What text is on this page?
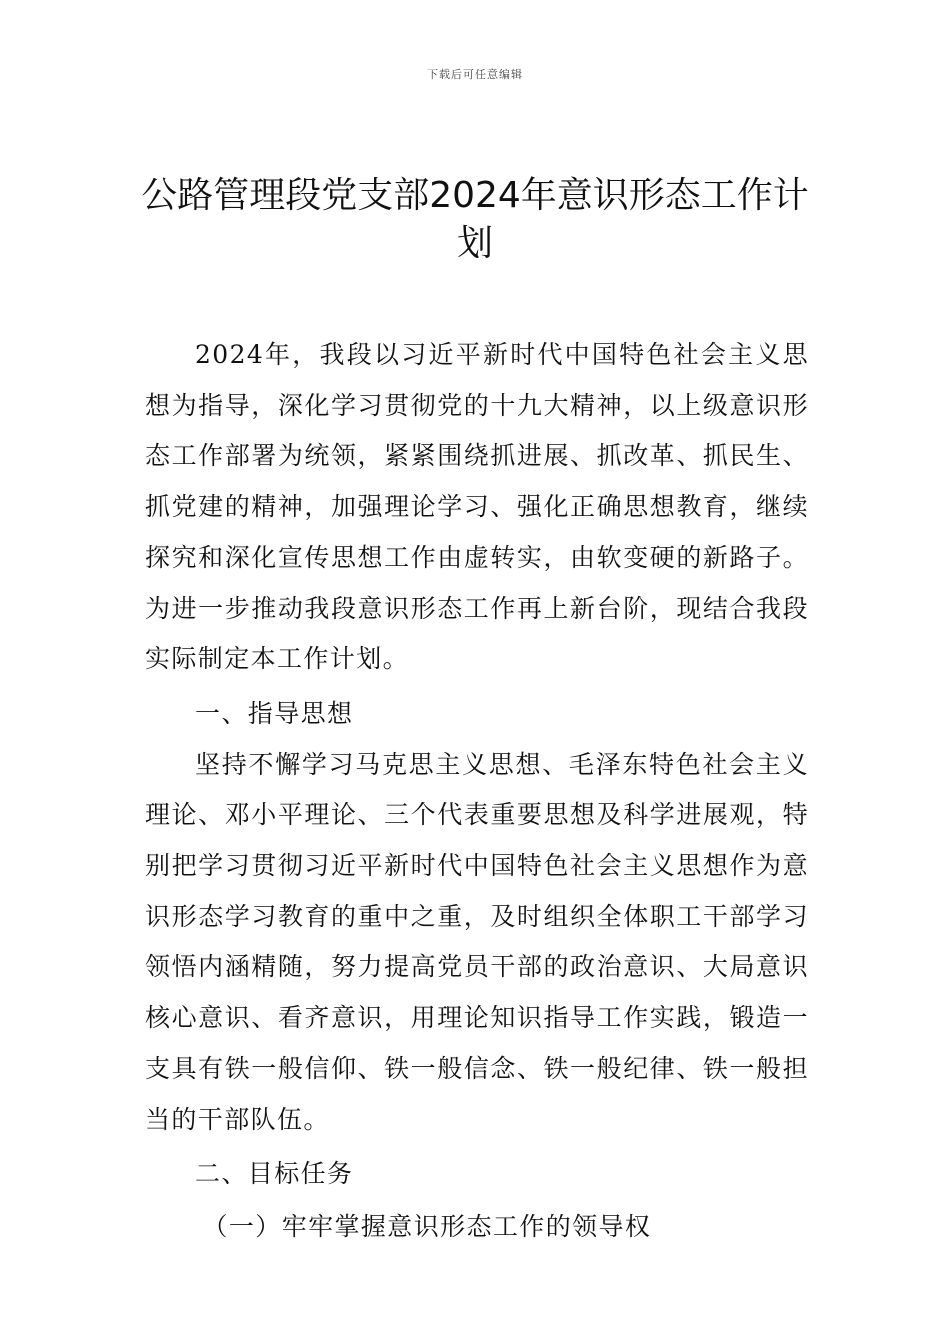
下载后可任意编辑
公路管理段党支部2024年意识形态工作计划

2024年，我段以习近平新时代中国特色社会主义思想为指导，深化学习贯彻党的十九大精神，以上级意识形态工作部署为统领，紧紧围绕抓进展、抓改革、抓民生、抓党建的精神，加强理论学习、强化正确思想教育，继续探究和深化宣传思想工作由虚转实，由软变硬的新路子。为进一步推动我段意识形态工作再上新台阶，现结合我段实际制定本工作计划。

一、指导思想

坚持不懈学习马克思主义思想、毛泽东特色社会主义理论、邓小平理论、三个代表重要思想及科学进展观，特别把学习贯彻习近平新时代中国特色社会主义思想作为意识形态学习教育的重中之重，及时组织全体职工干部学习领悟内涵精随，努力提高党员干部的政治意识、大局意识核心意识、看齐意识，用理论知识指导工作实践，锻造一支具有铁一般信仰、铁一般信念、铁一般纪律、铁一般担当的干部队伍。

二、目标任务

（一）牢牢掌握意识形态工作的领导权
